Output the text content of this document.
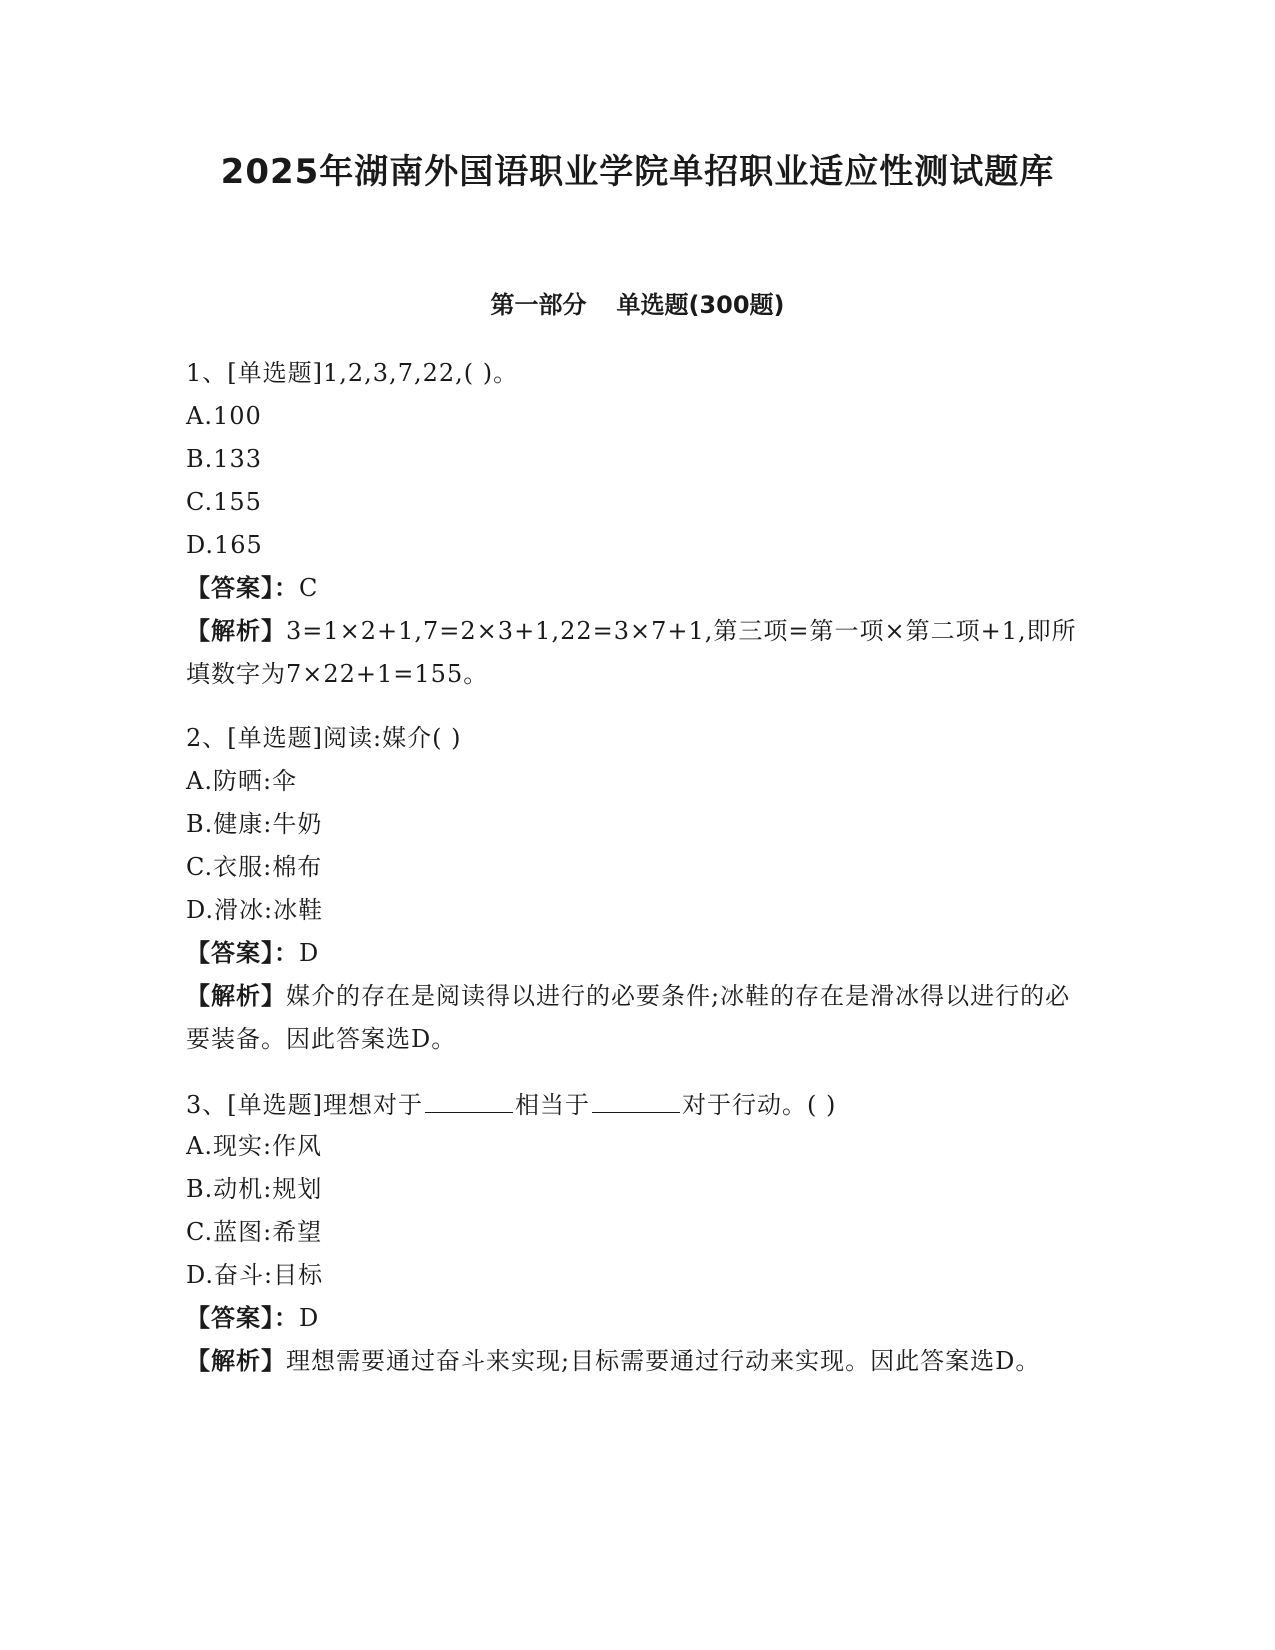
2025年湖南外国语职业学院单招职业适应性测试题库
第一部分 单选题(300题)
1、[单选题]1,2,3,7,22,( )。
A.100
B.133
C.155
D.165
【答案】：C
【解析】3=1×2+1,7=2×3+1,22=3×7+1,第三项=第一项×第二项+1,即所填数字为7×22+1=155。
2、[单选题]阅读:媒介( )
A.防晒:伞
B.健康:牛奶
C.衣服:棉布
D.滑冰:冰鞋
【答案】：D
【解析】媒介的存在是阅读得以进行的必要条件;冰鞋的存在是滑冰得以进行的必要装备。因此答案选D。
3、[单选题]理想对于	相当于	对于行动。( )
A.现实:作风
B.动机:规划
C.蓝图:希望
D.奋斗:目标
【答案】：D
【解析】理想需要通过奋斗来实现;目标需要通过行动来实现。因此答案选D。
